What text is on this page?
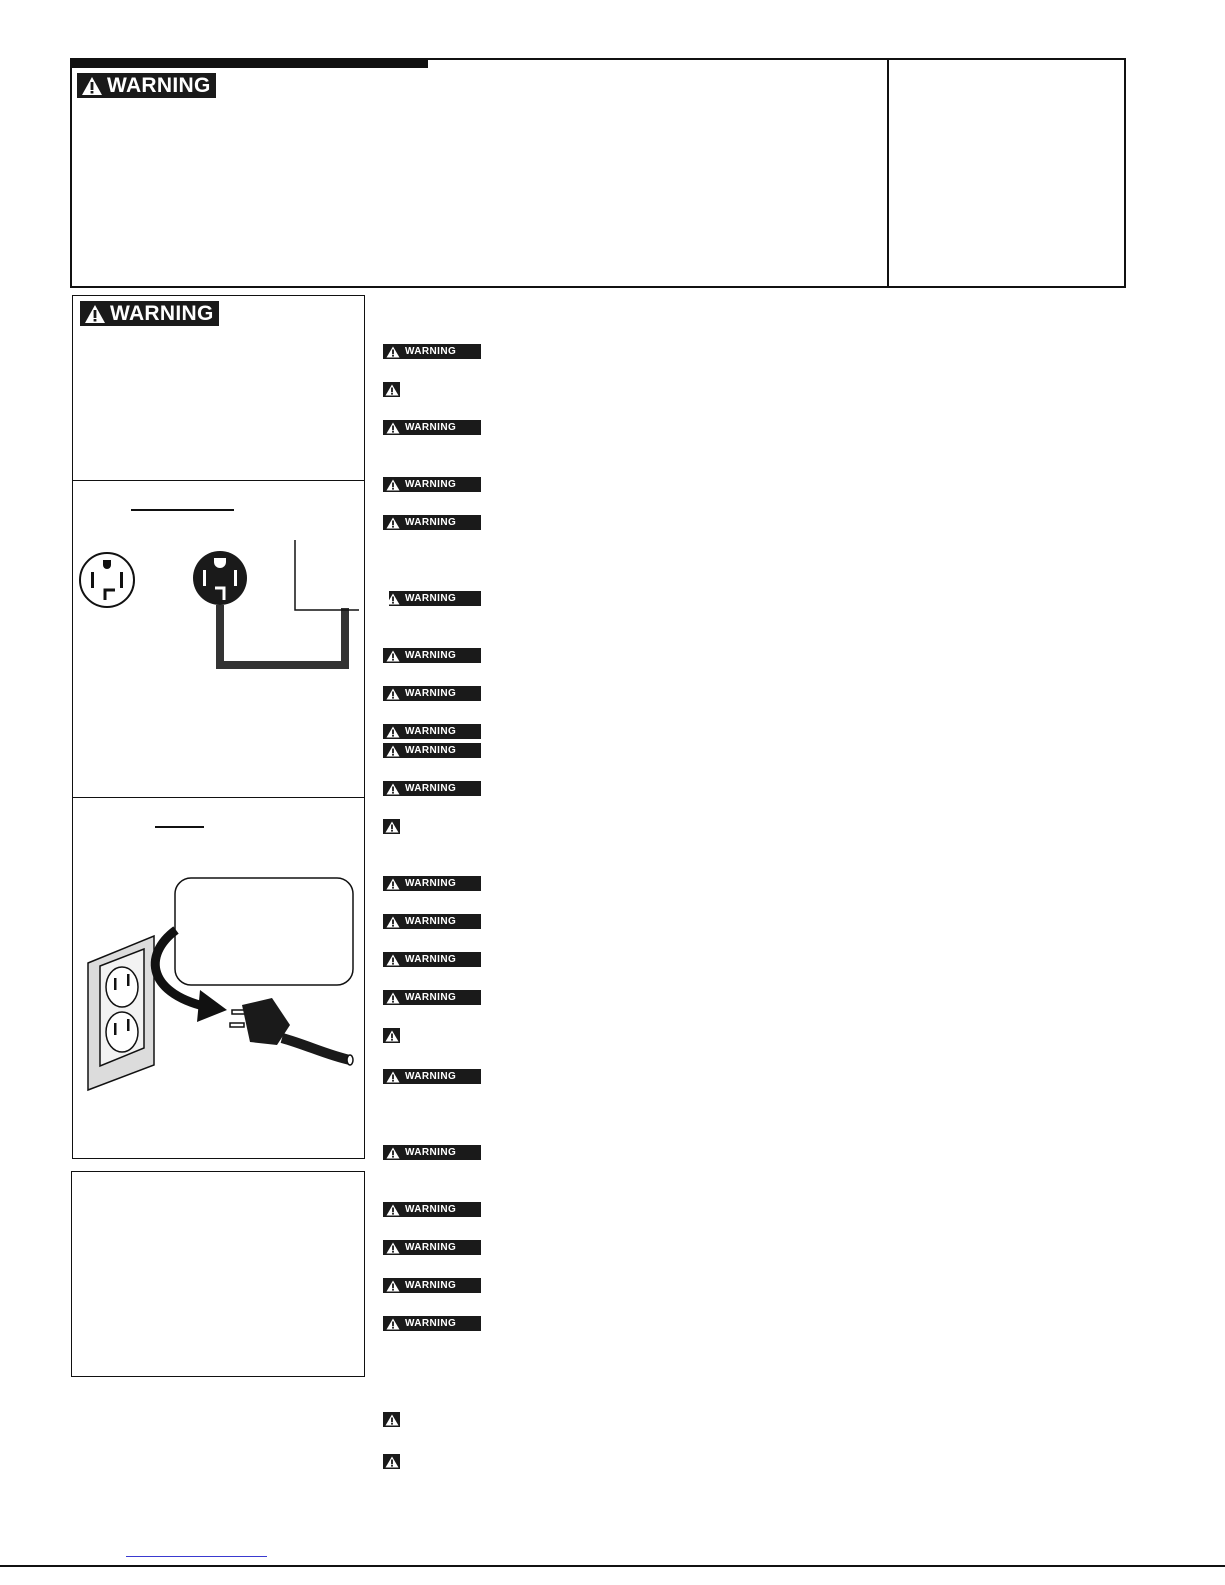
WARNING
WARNING
WARNING
WARNING
WARNING
WARNING
WARNING
WARNING
WARNING
WARNING
WARNING
WARNING
WARNING
WARNING
WARNING
WARNING
WARNING
WARNING
WARNING
WARNING
WARNING
WARNING
